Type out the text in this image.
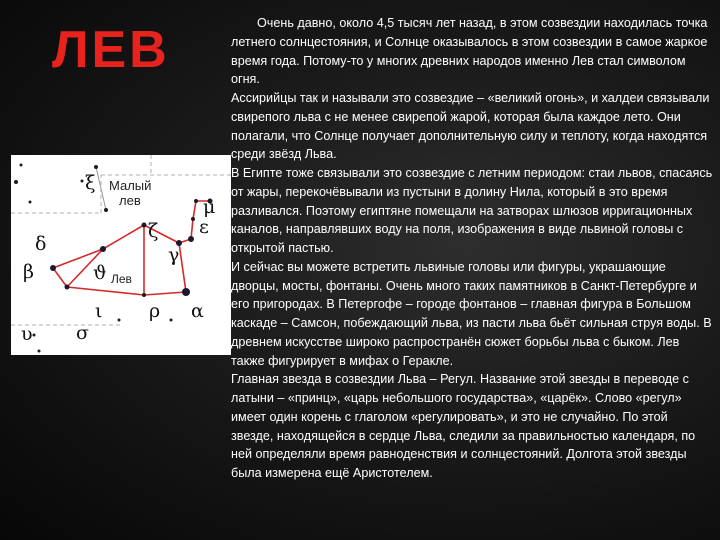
ЛЕВ
Малый
лев
Лев
ξ
δ
ζ ε
μ
γ
ϑ
β
α
ι ρ
υ σ

Очень давно, около 4,5 тысяч лет назад, в этом созвездии находилась точка летнего солнцестояния, и Солнце оказывалось в этом созвездии в самое жаркое время года. Потому-то у многих древних народов именно Лев стал символом огня.

Ассирийцы так и называли это созвездие – «великий огонь», и халдеи связывали свирепого льва с не менее свирепой жарой, которая была каждое лето. Они полагали, что Солнце получает дополнительную силу и теплоту, когда находятся среди звёзд Льва.

В Египте тоже связывали это созвездие с летним периодом: стаи львов, спасаясь от жары, перекочёвывали из пустыни в долину Нила, который в это время разливался. Поэтому египтяне помещали на затворах шлюзов ирригационных каналов, направлявших воду на поля, изображения в виде львиной головы с открытой пастью.

И сейчас вы можете встретить львиные головы или фигуры, украшающие дворцы, мосты, фонтаны. Очень много таких памятников в Санкт-Петербурге и его пригородах. В Петергофе – городе фонтанов – главная фигура в Большом каскаде – Самсон, побеждающий льва, из пасти льва бьёт сильная струя воды. В древнем искусстве широко распространён сюжет борьбы льва с быком. Лев также фигурирует в мифах о Геракле.

Главная звезда в созвездии Льва – Регул. Название этой звезды в переводе с латыни – «принц», «царь небольшого государства», «царёк». Слово «регул» имеет один корень с глаголом «регулировать», и это не случайно. По этой звезде, находящейся в сердце Льва, следили за правильностью календаря, по ней определяли время равноденствия и солнцестояний. Долгота этой звезды была измерена ещё Аристотелем.
